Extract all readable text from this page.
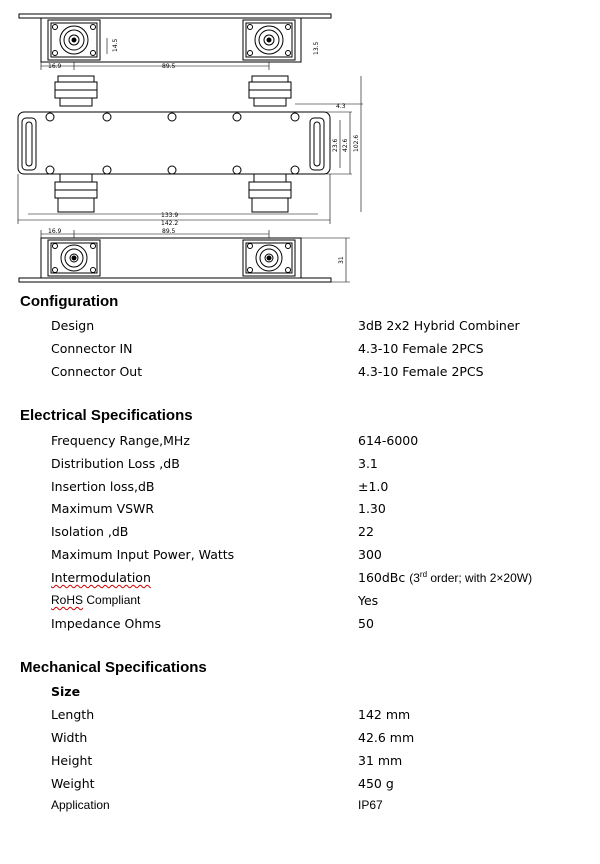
16.9	89.5
14.5	13.5
4.3
23.6 42.6 102.6
133.9
142.2
16.9	89.5
31
Configuration
Design	3dB 2x2 Hybrid Combiner
Connector IN	4.3-10 Female 2PCS
Connector Out	4.3-10 Female 2PCS
Electrical Specifications
Frequency Range,MHz	614-6000
Distribution Loss ,dB	3.1
Insertion loss,dB	±1.0
Maximum VSWR	1.30
Isolation ,dB	22
Maximum Input Power, Watts	300
Intermodulation	160dBc (3rd order; with 2×20W)
RoHS Compliant	Yes
Impedance Ohms	50
Mechanical Specifications
Size
Length	142 mm
Width	42.6 mm
Height	31 mm
Weight	450 g
Application	IP67
